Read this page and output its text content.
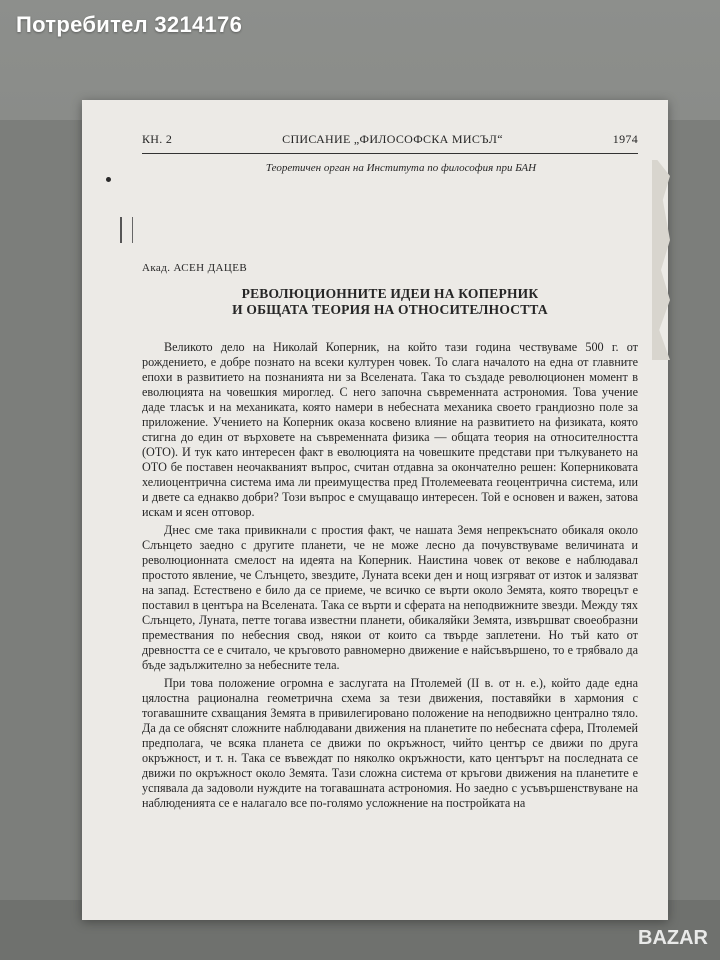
КН. 2	СПИСАНИЕ „ФИЛОСОФСКА МИСЪЛ“	1974
Теоретичен орган на Института по философия при БАН
Акад. АСЕН ДАЦЕВ
РЕВОЛЮЦИОННИТЕ ИДЕИ НА КОПЕРНИК
И ОБЩАТА ТЕОРИЯ НА ОТНОСИТЕЛНОСТТА

Великото дело на Николай Коперник, на който тази година чествуваме 500 г. от рождението, е добре познато на всеки културен човек. То слага началото на една от главните епохи в развитието на познанията ни за Вселената. Така то създаде революционен момент в еволюцията на човешкия мироглед. С него започна съвременната астрономия. Това учение даде тласък и на механиката, която намери в небесната механика своето грандиозно поле за приложение. Учението на Коперник оказа косвено влияние на развитието на физиката, която стигна до един от върховете на съвременната физика — общата теория на относителността (ОТО). И тук като интересен факт в еволюцията на човешките представи при тълкуването на ОТО бе поставен неочакваният въпрос, считан отдавна за окончателно решен: Коперниковата хелиоцентрична система има ли преимущества пред Птолемеевата геоцентрична система, или и двете са еднакво добри? Този въпрос е смущаващо интересен. Той е основен и важен, затова искам и ясен отговор.

Днес сме така привикнали с простия факт, че нашата Земя непрекъснато обикаля около Слънцето заедно с другите планети, че не може лесно да почувствуваме величината и революционната смелост на идеята на Коперник. Наистина човек от векове е наблюдавал простото явление, че Слънцето, звездите, Луната всеки ден и нощ изгряват от изток и залязват на запад. Естествено е било да се приеме, че всичко се върти около Земята, която творецът е поставил в центъра на Вселената. Така се върти и сферата на неподвижните звезди. Между тях Слънцето, Луната, петте тогава известни планети, обикаляйки Земята, извършват своеобразни премествания по небесния свод, някои от които са твърде заплетени. Но тъй като от древността се е считало, че кръговото равномерно движение е найсъвършено, то е трябвало да бъде задължително за небесните тела.

При това положение огромна е заслугата на Птолемей (II в. от н. е.), който даде една цялостна рационална геометрична схема за тези движения, поставяйки в хармония с тогавашните схващания Земята в привилегировано положение на неподвижно централно тяло. Да да се обяснят сложните наблюдавани движения на планетите по небесната сфера, Птолемей предполага, че всяка планета се движи по окръжност, чийто център се движи по друга окръжност, и т. н. Така се въвеждат по няколко окръжности, като центърът на последната се движи по окръжност около Земята. Тази сложна система от кръгови движения на планетите е успявала да задоволи нуждите на тогавашната астрономия. Но заедно с усъвършенствуване на наблюденията се е налагало все по-голямо усложнение на постройката на

Потребител 3214176
BAZAR
